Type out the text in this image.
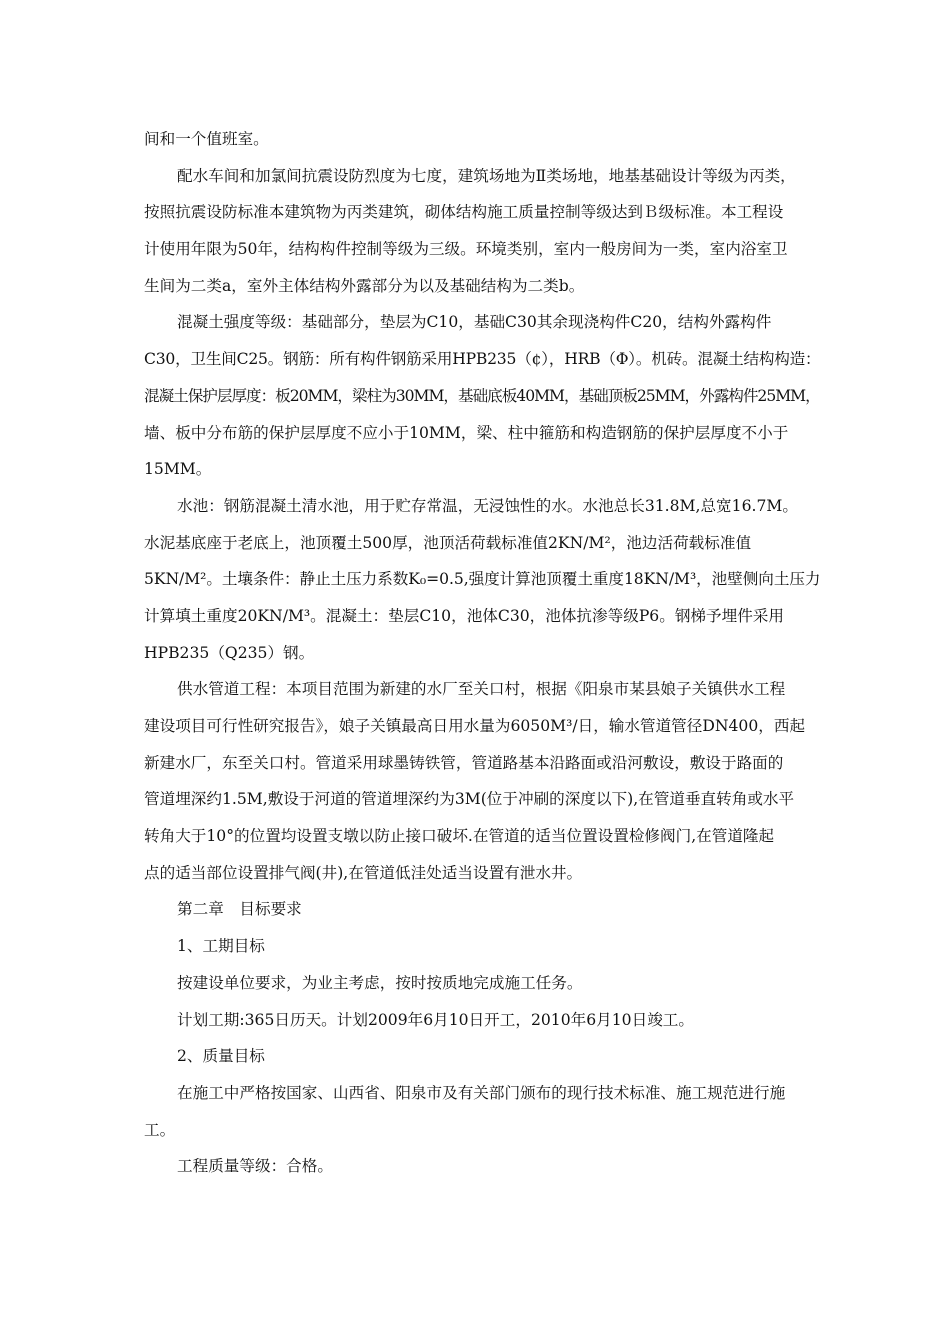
间和一个值班室。
配水车间和加氯间抗震设防烈度为七度，建筑场地为Ⅱ类场地，地基基础设计等级为丙类，
按照抗震设防标准本建筑物为丙类建筑，砌体结构施工质量控制等级达到Ｂ级标准。本工程设
计使用年限为50年，结构构件控制等级为三级。环境类别，室内一般房间为一类，室内浴室卫
生间为二类a，室外主体结构外露部分为以及基础结构为二类b。
混凝土强度等级：基础部分，垫层为C10，基础C30其余现浇构件C20，结构外露构件
C30，卫生间C25。钢筋：所有构件钢筋采用HPB235（¢），HRB（Φ）。机砖。混凝土结构构造：
混凝土保护层厚度：板20MM，梁柱为30MM，基础底板40MM，基础顶板25MM，外露构件25MM，
墙、板中分布筋的保护层厚度不应小于10MM，梁、柱中箍筋和构造钢筋的保护层厚度不小于
15MM。
水池：钢筋混凝土清水池，用于贮存常温，无浸蚀性的水。水池总长31.8M,总宽16.7M。
水泥基底座于老底上，池顶覆土500厚，池顶活荷载标准值2KN/M²，池边活荷载标准值
5KN/M²。土壤条件：静止土压力系数K₀=0.5,强度计算池顶覆土重度18KN/M³，池壁侧向土压力
计算填土重度20KN/M³。混凝土：垫层C10，池体C30，池体抗渗等级P6。钢梯予埋件采用
HPB235（Q235）钢。
供水管道工程：本项目范围为新建的水厂至关口村，根据《阳泉市某县娘子关镇供水工程
建设项目可行性研究报告》，娘子关镇最高日用水量为6050M³/日，输水管道管径DN400，西起
新建水厂，东至关口村。管道采用球墨铸铁管，管道路基本沿路面或沿河敷设，敷设于路面的
管道埋深约1.5M,敷设于河道的管道埋深约为3M(位于冲刷的深度以下),在管道垂直转角或水平
转角大于10°的位置均设置支墩以防止接口破坏.在管道的适当位置设置检修阀门,在管道隆起
点的适当部位设置排气阀(井),在管道低洼处适当设置有泄水井。
第二章　目标要求
1、工期目标
按建设单位要求，为业主考虑，按时按质地完成施工任务。
计划工期:365日历天。计划2009年6月10日开工，2010年6月10日竣工。
2、质量目标
在施工中严格按国家、山西省、阳泉市及有关部门颁布的现行技术标准、施工规范进行施
工。
工程质量等级：合格。
